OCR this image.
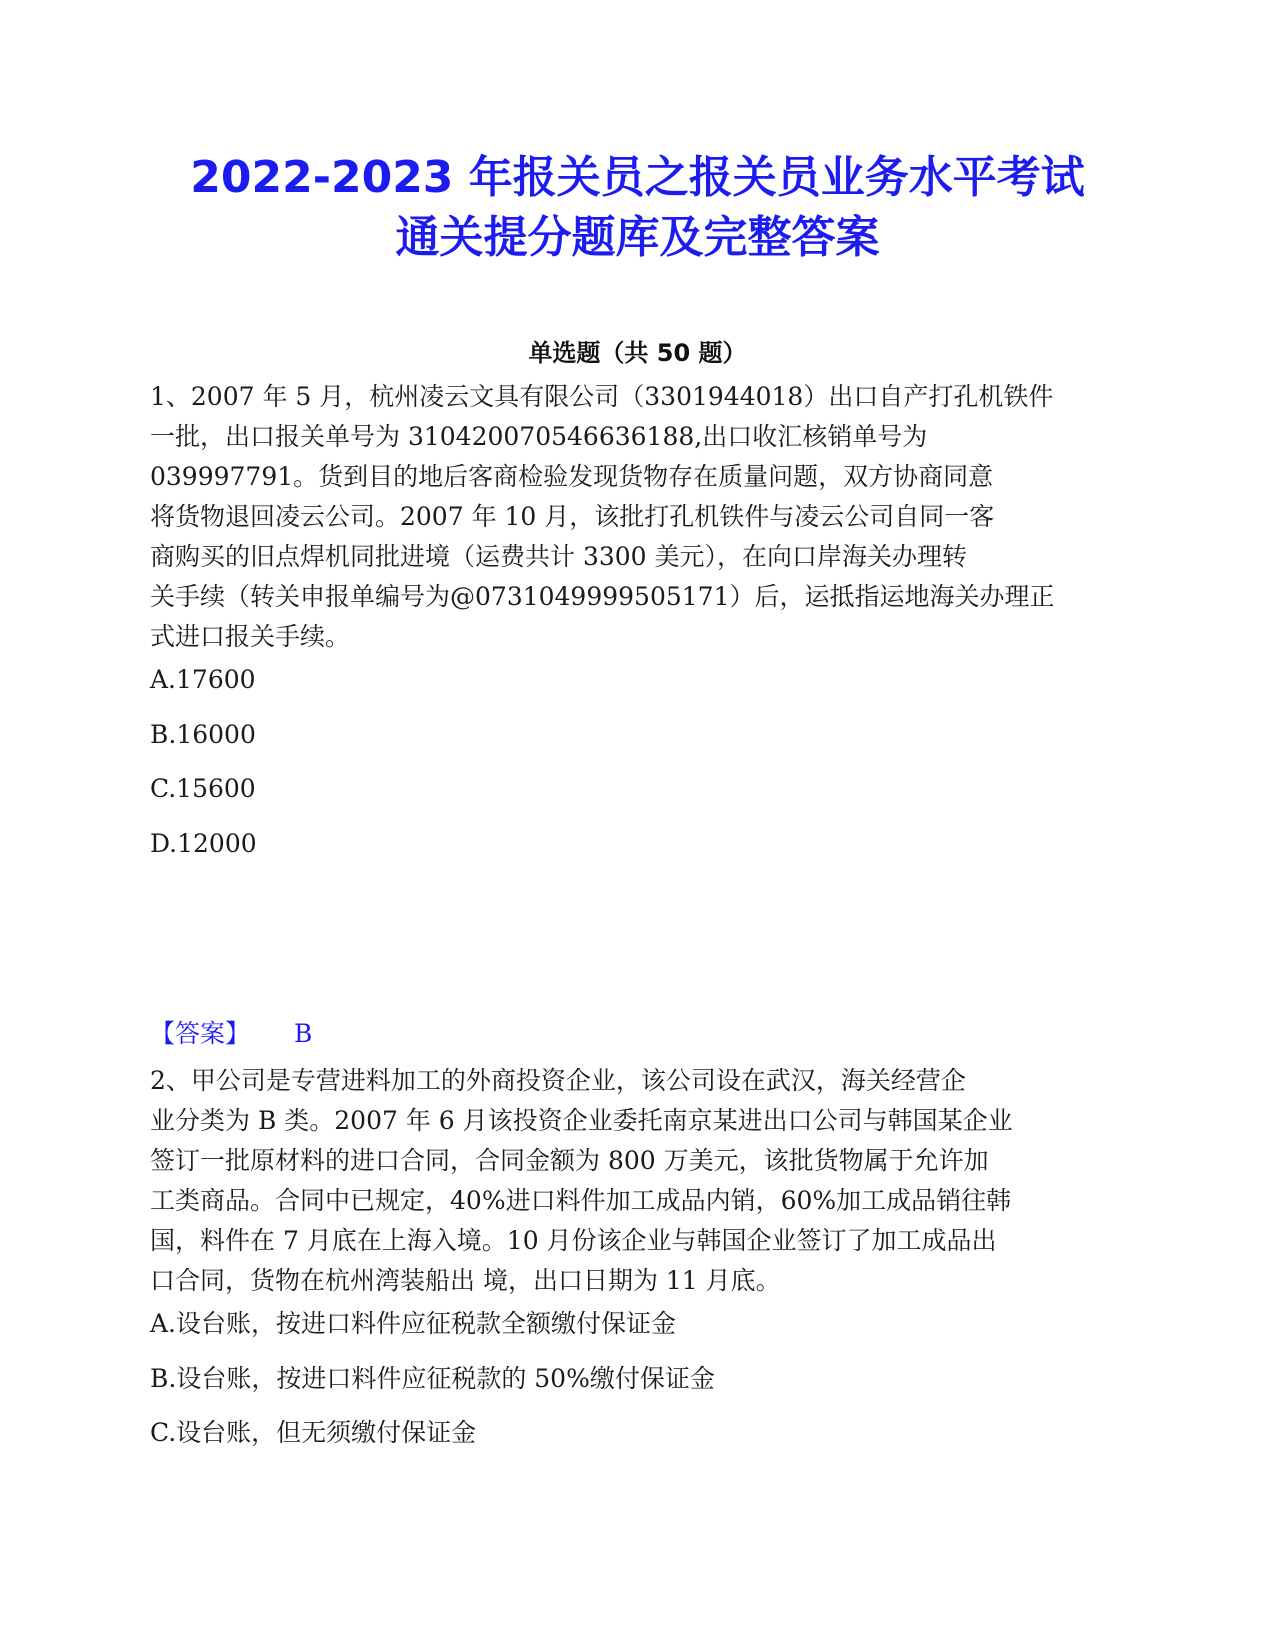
2022-2023 年报关员之报关员业务水平考试
通关提分题库及完整答案
单选题（共 50 题）
1、2007 年 5 月，杭州凌云文具有限公司（3301944018）出口自产打孔机铁件
一批，出口报关单号为 310420070546636188,出口收汇核销单号为
039997791。货到目的地后客商检验发现货物存在质量问题，双方协商同意
将货物退回凌云公司。2007 年 10 月，该批打孔机铁件与凌云公司自同一客
商购买的旧点焊机同批进境（运费共计 3300 美元），在向口岸海关办理转
关手续（转关申报单编号为@0731049999505171）后，运抵指运地海关办理正
式进口报关手续。
A.17600
B.16000
C.15600
D.12000
【答案】 B
2、甲公司是专营进料加工的外商投资企业，该公司设在武汉，海关经营企
业分类为 B 类。2007 年 6 月该投资企业委托南京某进出口公司与韩国某企业
签订一批原材料的进口合同，合同金额为 800 万美元，该批货物属于允许加
工类商品。合同中已规定，40%进口料件加工成品内销，60%加工成品销往韩
国，料件在 7 月底在上海入境。10 月份该企业与韩国企业签订了加工成品出
口合同，货物在杭州湾装船出 境，出口日期为 11 月底。
A.设台账，按进口料件应征税款全额缴付保证金
B.设台账，按进口料件应征税款的 50%缴付保证金
C.设台账，但无须缴付保证金
